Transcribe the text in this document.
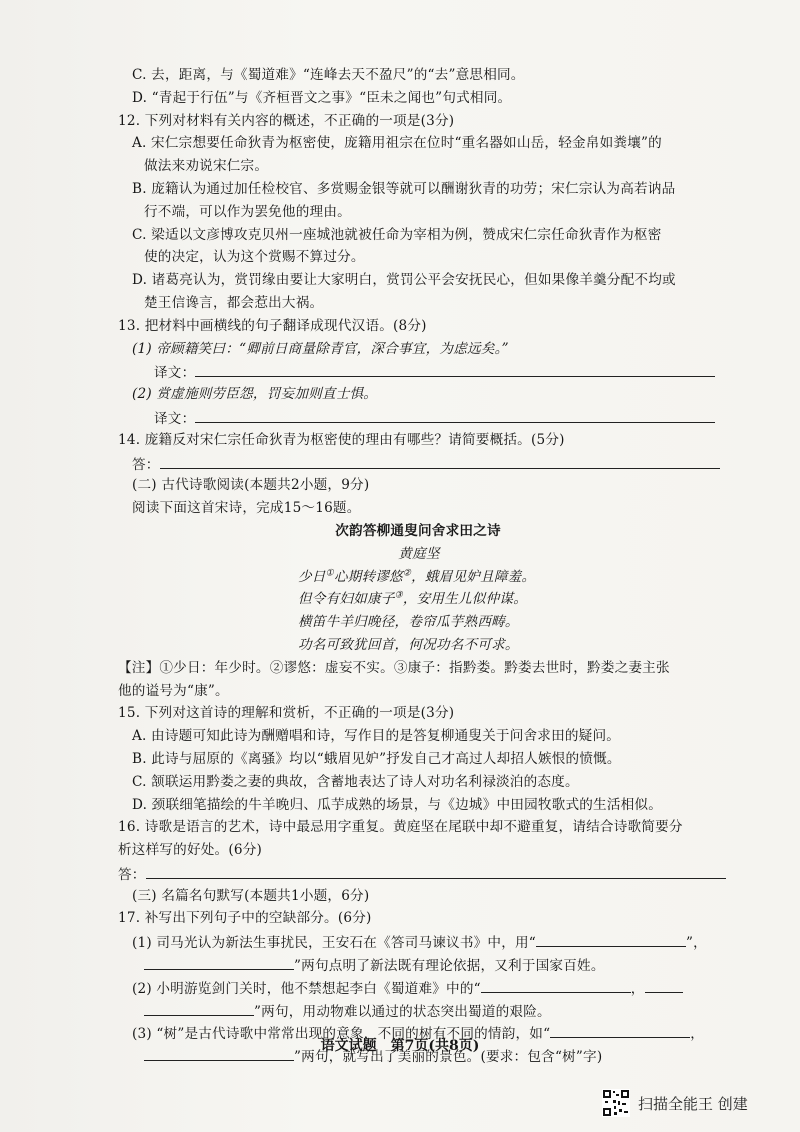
C. 去，距离，与《蜀道难》“连峰去天不盈尺”的“去”意思相同。
D. “青起于行伍”与《齐桓晋文之事》“臣未之闻也”句式相同。
12. 下列对材料有关内容的概述，不正确的一项是(3分)
A. 宋仁宗想要任命狄青为枢密使，庞籍用祖宗在位时“重名器如山岳，轻金帛如粪壤”的
做法来劝说宋仁宗。
B. 庞籍认为通过加任检校官、多赏赐金银等就可以酬谢狄青的功劳；宋仁宗认为高若讷品
行不端，可以作为罢免他的理由。
C. 梁适以文彦博攻克贝州一座城池就被任命为宰相为例，赞成宋仁宗任命狄青作为枢密
使的决定，认为这个赏赐不算过分。
D. 诸葛亮认为，赏罚缘由要让大家明白，赏罚公平会安抚民心，但如果像羊羹分配不均或
楚王信谗言，都会惹出大祸。
13. 把材料中画横线的句子翻译成现代汉语。(8分)
(1) 帝顾籍笑曰：“卿前日商量除青官，深合事宜，为虑远矣。”
译文：
(2) 赏虚施则劳臣怨，罚妄加则直士惧。
译文：
14. 庞籍反对宋仁宗任命狄青为枢密使的理由有哪些？请简要概括。(5分)
答：
(二) 古代诗歌阅读(本题共2小题，9分)
阅读下面这首宋诗，完成15～16题。
次韵答柳通叟问舍求田之诗
黄庭坚
少日①心期转谬悠②，蛾眉见妒且障羞。
但令有妇如康子③，安用生儿似仲谋。
横笛牛羊归晚径，卷帘瓜芋熟西畴。
功名可致犹回首，何况功名不可求。
【注】①少日：年少时。②谬悠：虚妄不实。③康子：指黔娄。黔娄去世时，黔娄之妻主张
他的谥号为“康”。
15. 下列对这首诗的理解和赏析，不正确的一项是(3分)
A. 由诗题可知此诗为酬赠唱和诗，写作目的是答复柳通叟关于问舍求田的疑问。
B. 此诗与屈原的《离骚》均以“蛾眉见妒”抒发自己才高过人却招人嫉恨的愤慨。
C. 颔联运用黔娄之妻的典故，含蓄地表达了诗人对功名利禄淡泊的态度。
D. 颈联细笔描绘的牛羊晚归、瓜芋成熟的场景，与《边城》中田园牧歌式的生活相似。
16. 诗歌是语言的艺术，诗中最忌用字重复。黄庭坚在尾联中却不避重复，请结合诗歌简要分
析这样写的好处。(6分)
答：
(三) 名篇名句默写(本题共1小题，6分)
17. 补写出下列句子中的空缺部分。(6分)
(1) 司马光认为新法生事扰民，王安石在《答司马谏议书》中，用“	”，
”两句点明了新法既有理论依据，又利于国家百姓。
(2) 小明游览剑门关时，他不禁想起李白《蜀道难》中的“	，
”两句，用动物难以通过的状态突出蜀道的艰险。
(3) “树”是古代诗歌中常常出现的意象，不同的树有不同的情韵，如“	，
”两句，就写出了美丽的景色。(要求：包含“树”字)
语文试题　第7页(共8页)
扫描全能王 创建
